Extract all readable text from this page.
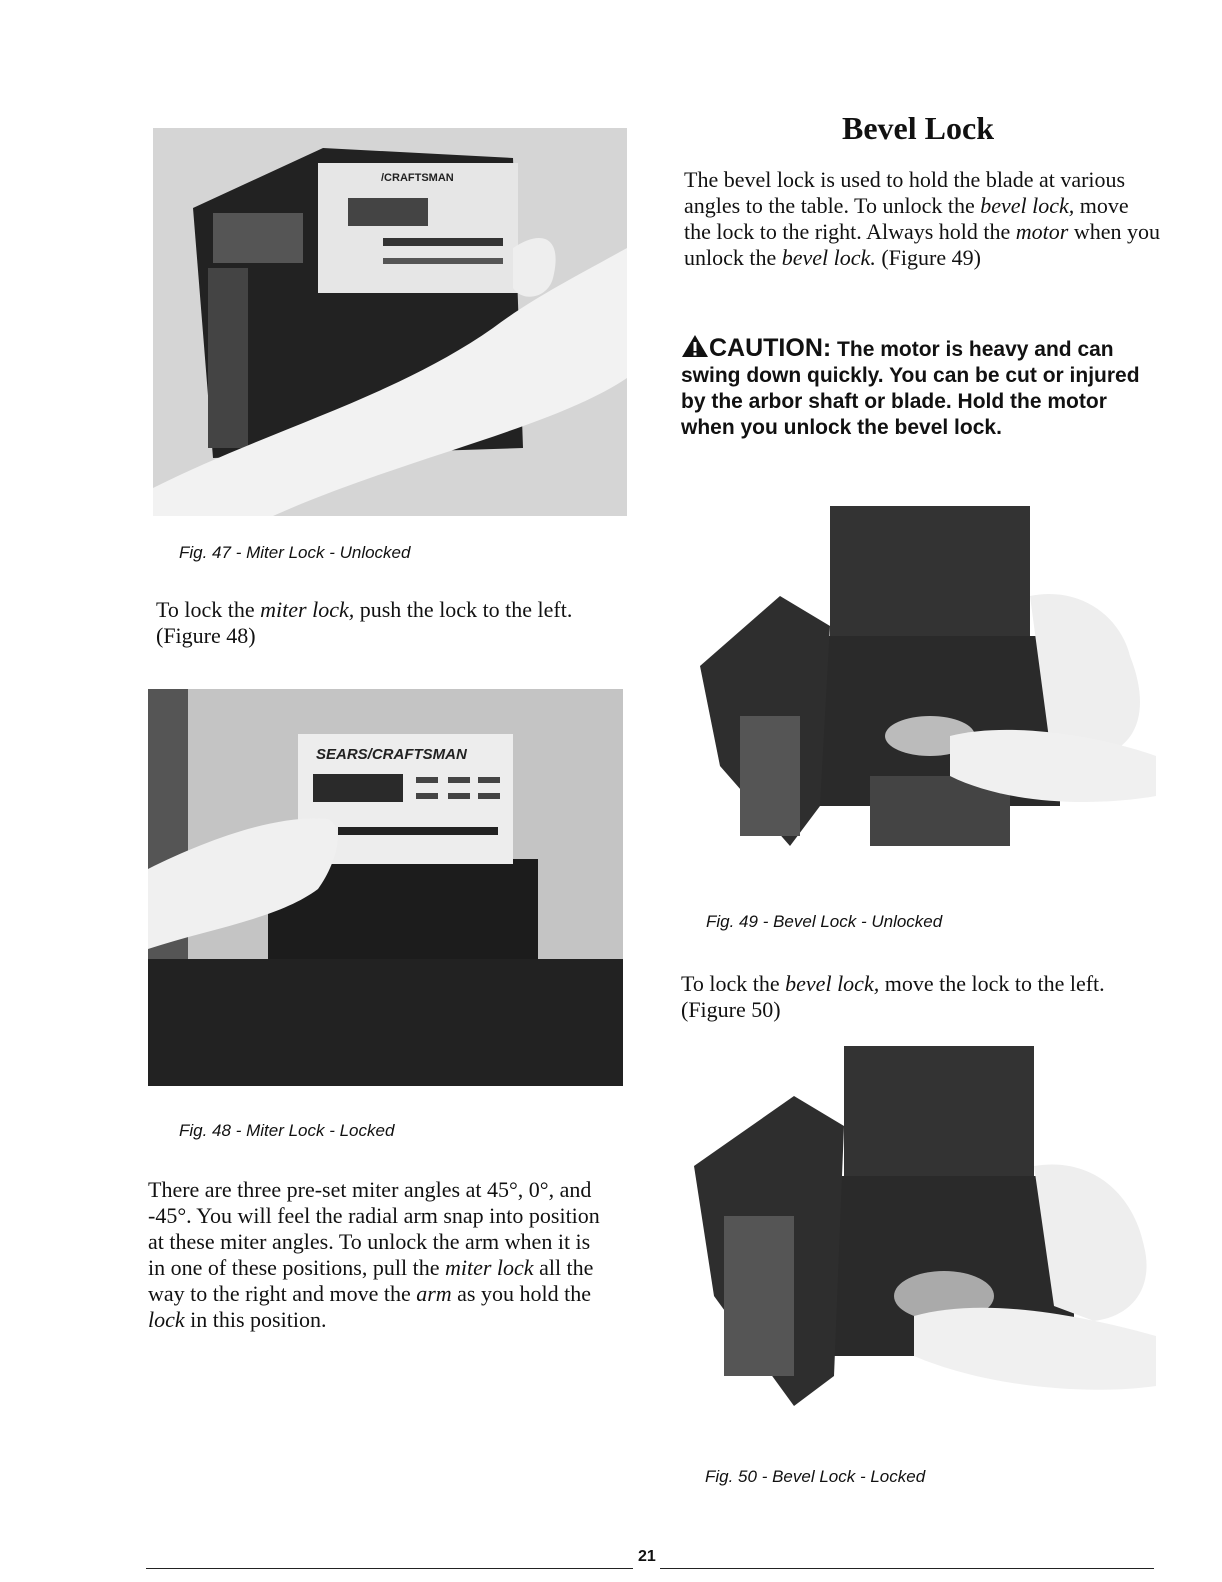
/CRAFTSMAN
Fig. 47 - Miter Lock - Unlocked
To lock the miter lock, push the lock to the left. (Figure 48)
SEARS/CRAFTSMAN
Fig. 48 - Miter Lock - Locked
There are three pre-set miter angles at 45°, 0°, and -45°. You will feel the radial arm snap into position at these miter angles. To unlock the arm when it is in one of these positions, pull the miter lock all the way to the right and move the arm as you hold the lock in this position.
Bevel Lock
The bevel lock is used to hold the blade at various angles to the table. To unlock the bevel lock, move the lock to the right. Always hold the motor when you unlock the bevel lock. (Figure 49)
CAUTION: The motor is heavy and can swing down quickly. You can be cut or injured by the arbor shaft or blade. Hold the motor when you unlock the bevel lock.
Fig. 49 - Bevel Lock - Unlocked
To lock the bevel lock, move the lock to the left. (Figure 50)
Fig. 50 - Bevel Lock - Locked
21
